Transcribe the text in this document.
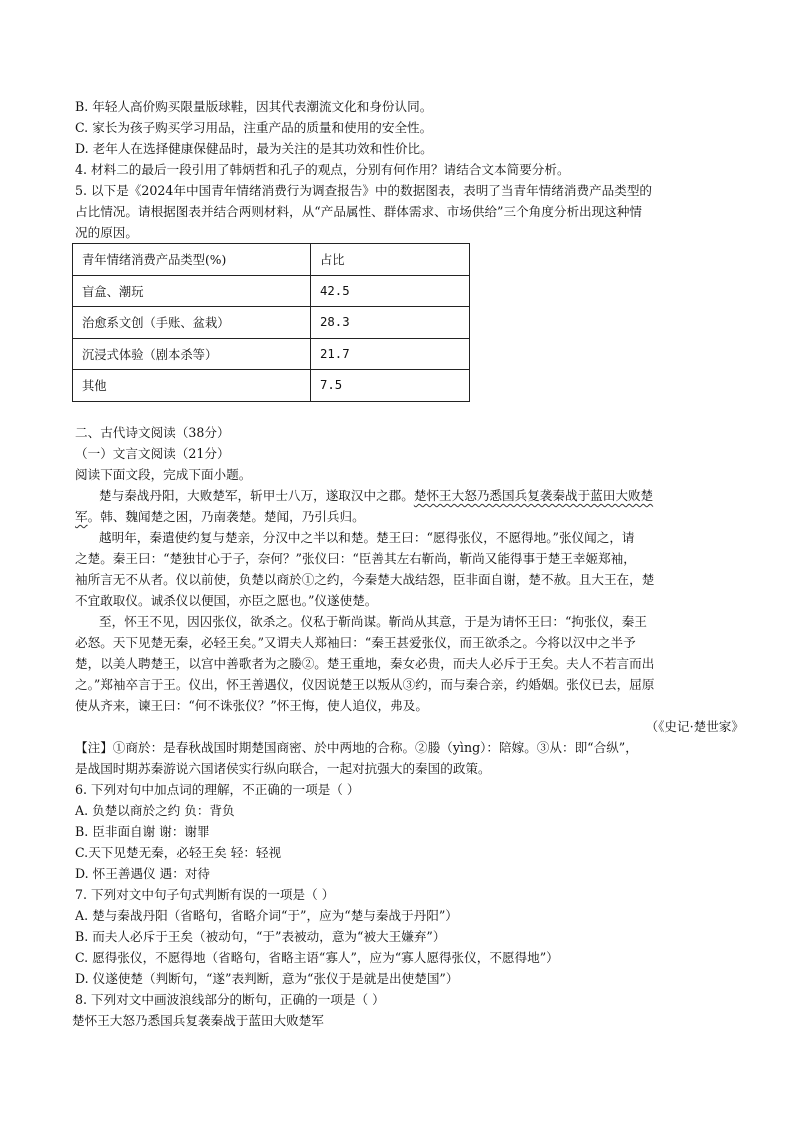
B. 年轻人高价购买限量版球鞋，因其代表潮流文化和身份认同。
C. 家长为孩子购买学习用品，注重产品的质量和使用的安全性。
D. 老年人在选择健康保健品时，最为关注的是其功效和性价比。
4. 材料二的最后一段引用了韩炳哲和孔子的观点，分别有何作用？请结合文本简要分析。
5. 以下是《2024年中国青年情绪消费行为调查报告》中的数据图表，表明了当青年情绪消费产品类型的
占比情况。请根据图表并结合两则材料，从“产品属性、群体需求、市场供给”三个角度分析出现这种情
况的原因。
青年情绪消费产品类型(%)	占比
盲盒、潮玩	42.5
治愈系文创（手账、盆栽）	28.3
沉浸式体验（剧本杀等）	21.7
其他	7.5
二、古代诗文阅读（38分）
（一）文言文阅读（21分）
阅读下面文段，完成下面小题。
楚与秦战丹阳，大败楚军，斩甲士八万，遂取汉中之郡。楚怀王大怒乃悉国兵复袭秦战于蓝田大败楚
军。韩、魏闻楚之困，乃南袭楚。楚闻，乃引兵归。
越明年，秦遣使约复与楚亲，分汉中之半以和楚。楚王曰：“愿得张仪，不愿得地。”张仪闻之，请
之楚。秦王曰：“楚独甘心于子，奈何？”张仪曰：“臣善其左右靳尚，靳尚又能得事于楚王幸姬郑袖，
袖所言无不从者。仪以前使，负楚以商於①之约，今秦楚大战结怨，臣非面自谢，楚不赦。且大王在，楚
不宜敢取仪。诚杀仪以便国，亦臣之愿也。”仪遂使楚。
至，怀王不见，因囚张仪，欲杀之。仪私于靳尚谋。靳尚从其意，于是为请怀王曰：“拘张仪，秦王
必怒。天下见楚无秦，必轻王矣。”又谓夫人郑袖曰：“秦王甚爱张仪，而王欲杀之。今将以汉中之半予
楚，以美人聘楚王，以宫中善歌者为之媵②。楚王重地，秦女必贵，而夫人必斥于王矣。夫人不若言而出
之。”郑袖卒言于王。仪出，怀王善遇仪，仪因说楚王以叛从③约，而与秦合亲，约婚姻。张仪已去，屈原
使从齐来，谏王曰：“何不诛张仪？”怀王悔，使人追仪，弗及。
（《史记·楚世家》
【注】①商於：是春秋战国时期楚国商密、於中两地的合称。②媵（yìng）：陪嫁。③从：即“合纵”，
是战国时期苏秦游说六国诸侯实行纵向联合，一起对抗强大的秦国的政策。
6. 下列对句中加点词的理解，不正确的一项是（ ）
A. 负楚以商於之约 负：背负
B. 臣非面自谢 谢：谢罪
C.天下见楚无秦，必轻王矣 轻：轻视
D. 怀王善遇仪 遇：对待
7. 下列对文中句子句式判断有误的一项是（ ）
A. 楚与秦战丹阳（省略句，省略介词“于”，应为“楚与秦战于丹阳”）
B. 而夫人必斥于王矣（被动句，“于”表被动，意为“被大王嫌弃”）
C. 愿得张仪，不愿得地（省略句，省略主语“寡人”，应为“寡人愿得张仪，不愿得地”）
D. 仪遂使楚（判断句，“遂”表判断，意为“张仪于是就是出使楚国”）
8. 下列对文中画波浪线部分的断句，正确的一项是（ ）
楚怀王大怒乃悉国兵复袭秦战于蓝田大败楚军
